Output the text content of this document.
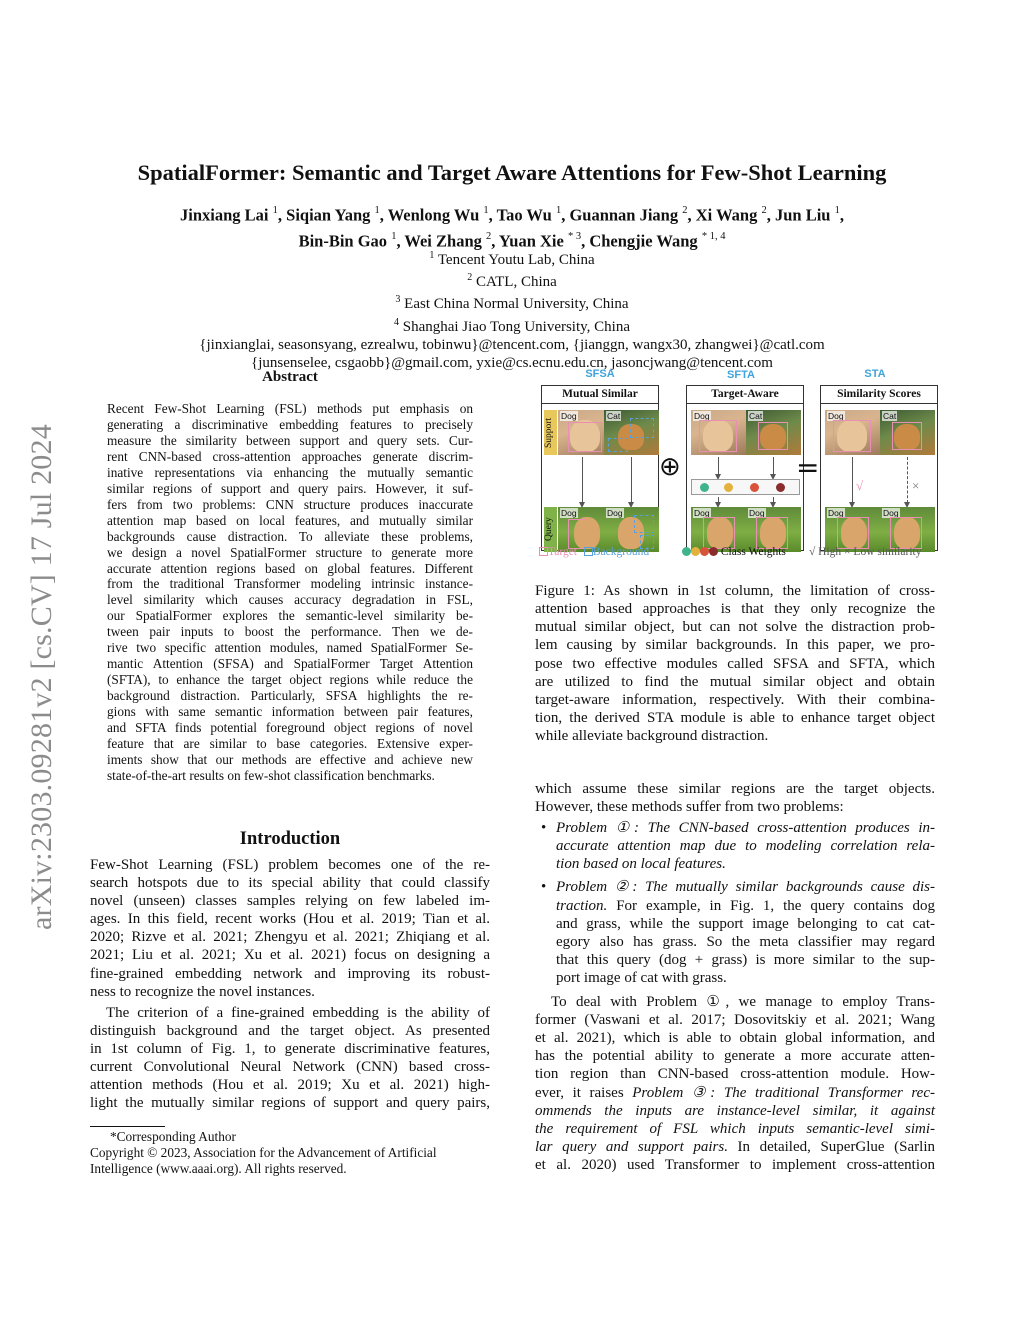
arXiv:2303.09281v2 [cs.CV] 17 Jul 2024
SpatialFormer: Semantic and Target Aware Attentions for Few-Shot Learning
Jinxiang Lai $^1$, Siqian Yang $^1$, Wenlong Wu $^1$, Tao Wu $^1$, Guannan Jiang $^2$, Xi Wang $^2$, Jun Liu $^1$,
Bin-Bin Gao $^1$, Wei Zhang $^2$, Yuan Xie $^{* 3}$, Chengjie Wang $^{* 1, 4}$
$^1$ Tencent Youtu Lab, China
$^2$ CATL, China
$^3$ East China Normal University, China
$^4$ Shanghai Jiao Tong University, China
{jinxianglai, seasonsyang, ezrealwu, tobinwu}@tencent.com, {jianggn, wangx30, zhangwei}@catl.com
{junsenselee, csgaobb}@gmail.com, yxie@cs.ecnu.edu.cn, jasoncjwang@tencent.com
Abstract
Recent Few-Shot Learning (FSL) methods put emphasis on
generating a discriminative embedding features to precisely
measure the similarity between support and query sets. Cur-
rent CNN-based cross-attention approaches generate discrim-
inative representations via enhancing the mutually semantic
similar regions of support and query pairs. However, it suf-
fers from two problems: CNN structure produces inaccurate
attention map based on local features, and mutually similar
backgrounds cause distraction. To alleviate these problems,
we design a novel SpatialFormer structure to generate more
accurate attention regions based on global features. Different
from the traditional Transformer modeling intrinsic instance-
level similarity which causes accuracy degradation in FSL,
our SpatialFormer explores the semantic-level similarity be-
tween pair inputs to boost the performance. Then we de-
rive two specific attention modules, named SpatialFormer Se-
mantic Attention (SFSA) and SpatialFormer Target Attention
(SFTA), to enhance the target object regions while reduce the
background distraction. Particularly, SFSA highlights the re-
gions with same semantic information between pair features,
and SFTA finds potential foreground object regions of novel
feature that are similar to base categories. Extensive exper-
iments show that our methods are effective and achieve new
state-of-the-art results on few-shot classification benchmarks.
Introduction
Few-Shot Learning (FSL) problem becomes one of the re-
search hotspots due to its special ability that could classify
novel (unseen) classes samples relying on few labeled im-
ages. In this field, recent works (Hou et al. 2019; Tian et al.
2020; Rizve et al. 2021; Zhengyu et al. 2021; Zhiqiang et al.
2021; Liu et al. 2021; Xu et al. 2021) focus on designing a
fine-grained embedding network and improving its robust-
ness to recognize the novel instances.
The criterion of a fine-grained embedding is the ability of
distinguish background and the target object. As presented
in 1st column of Fig. 1, to generate discriminative features,
current Convolutional Neural Network (CNN) based cross-
attention methods (Hou et al. 2019; Xu et al. 2021) high-
light the mutually similar regions of support and query pairs,
*Corresponding Author
Copyright © 2023, Association for the Advancement of Artificial
Intelligence (www.aaai.org). All rights reserved.
SFSA	SFTA	STA
Mutual Similar
Support
Dog	Cat
Query
Dog	Dog
⊕
Target-Aware
Dog	Cat
Dog	Dog
=
Similarity Scores
Dog	Cat
√	×
Dog	Dog
Target Background	Class Weights √ High × Low similarity
Figure 1: As shown in 1st column, the limitation of cross-
attention based approaches is that they only recognize the
mutual similar object, but can not solve the distraction prob-
lem causing by similar backgrounds. In this paper, we pro-
pose two effective modules called SFSA and SFTA, which
are utilized to find the mutual similar object and obtain
target-aware information, respectively. With their combina-
tion, the derived STA module is able to enhance target object
while alleviate background distraction.
which assume these similar regions are the target objects.
However, these methods suffer from two problems:
• Problem ①: The CNN-based cross-attention produces in-
accurate attention map due to modeling correlation rela-
tion based on local features.
• Problem ②: The mutually similar backgrounds cause dis-
traction. For example, in Fig. 1, the query contains dog
and grass, while the support image belonging to cat cat-
egory also has grass. So the meta classifier may regard
that this query (dog + grass) is more similar to the sup-
port image of cat with grass.
To deal with Problem ①, we manage to employ Trans-
former (Vaswani et al. 2017; Dosovitskiy et al. 2021; Wang
et al. 2021), which is able to obtain global information, and
has the potential ability to generate a more accurate atten-
tion region than CNN-based cross-attention module. How-
ever, it raises Problem ③: The traditional Transformer rec-
ommends the inputs are instance-level similar, it against
the requirement of FSL which inputs semantic-level simi-
lar query and support pairs. In detailed, SuperGlue (Sarlin
et al. 2020) used Transformer to implement cross-attention
